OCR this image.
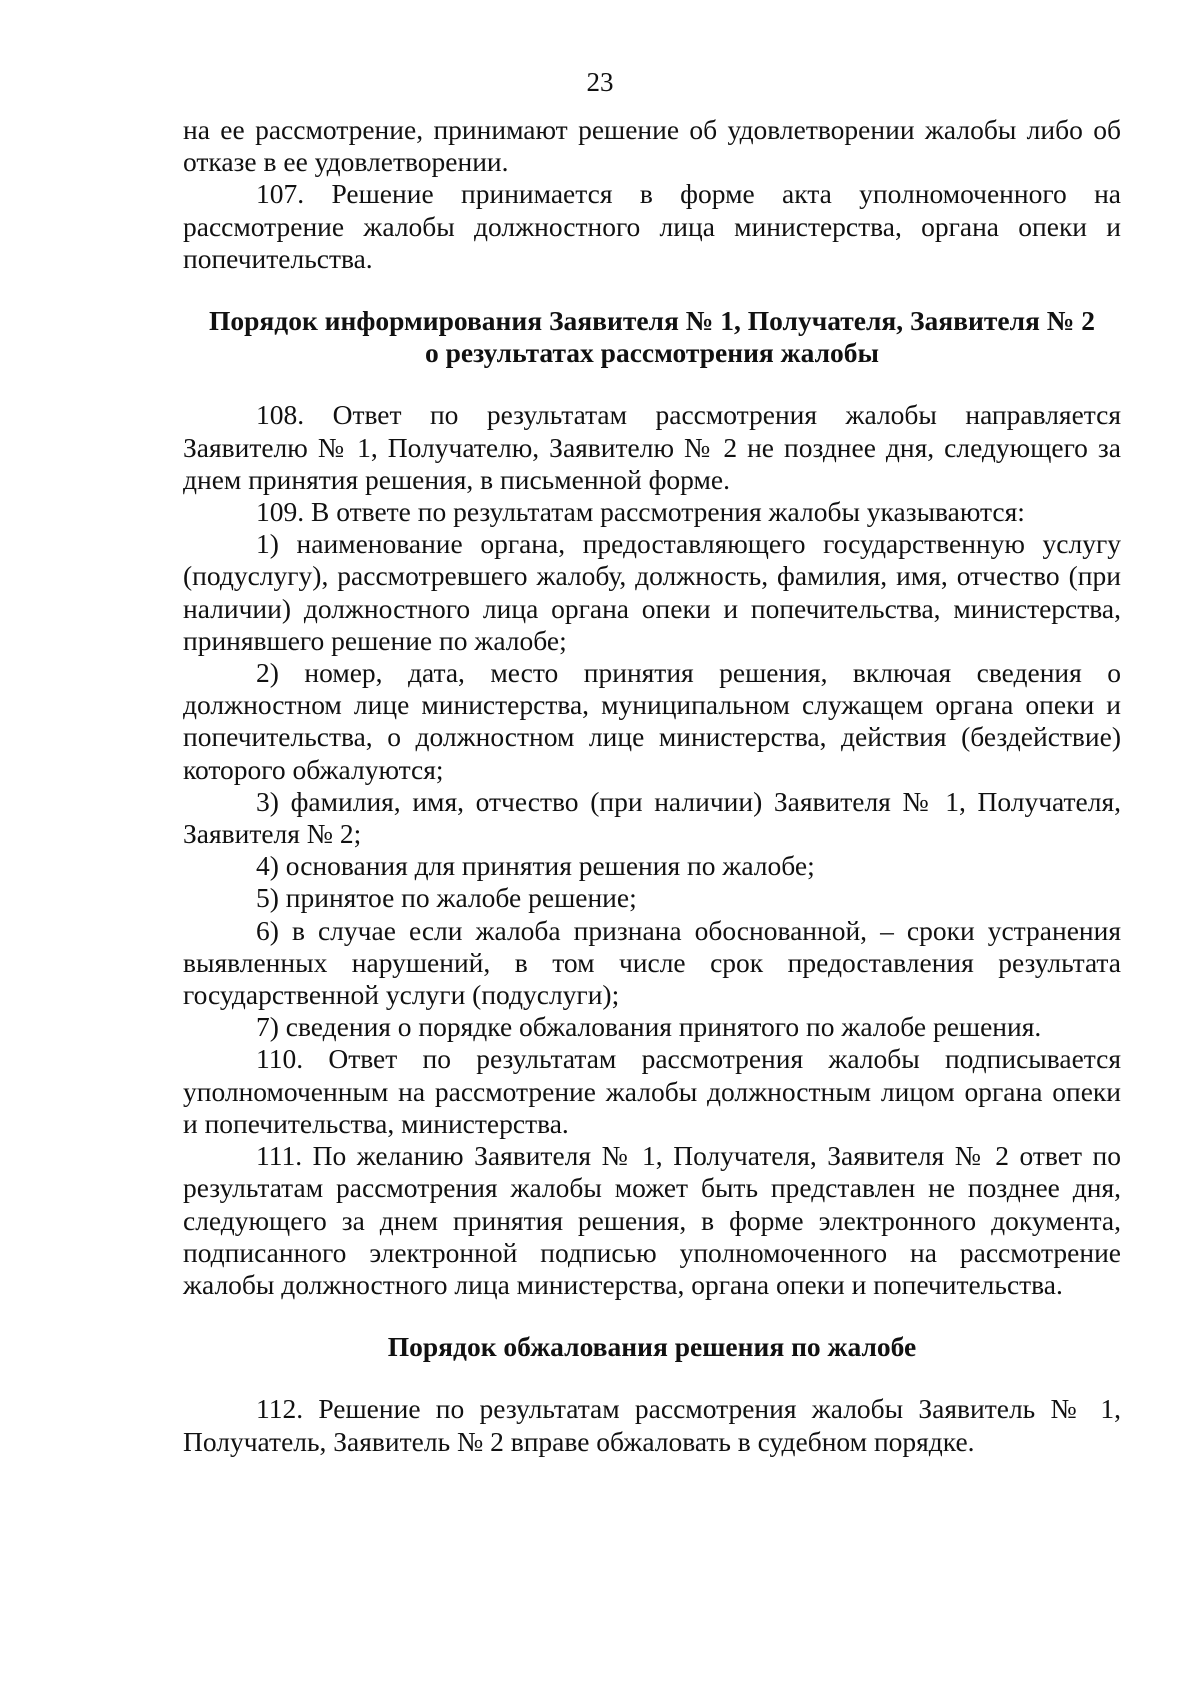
23

на ее рассмотрение, принимают решение об удовлетворении жалобы либо об отказе в ее удовлетворении.

107. Решение принимается в форме акта уполномоченного на рассмотрение жалобы должностного лица министерства, органа опеки и попечительства.

Порядок информирования Заявителя № 1, Получателя, Заявителя № 2

о результатах рассмотрения жалобы

108. Ответ по результатам рассмотрения жалобы направляется Заявителю № 1, Получателю, Заявителю № 2 не позднее дня, следующего за днем принятия решения, в письменной форме.

109. В ответе по результатам рассмотрения жалобы указываются:

1) наименование органа, предоставляющего государственную услугу (подуслугу), рассмотревшего жалобу, должность, фамилия, имя, отчество (при наличии) должностного лица органа опеки и попечительства, министерства, принявшего решение по жалобе;

2) номер, дата, место принятия решения, включая сведения о должностном лице министерства, муниципальном служащем органа опеки и попечительства, о должностном лице министерства, действия (бездействие) которого обжалуются;

3) фамилия, имя, отчество (при наличии) Заявителя № 1, Получателя, Заявителя № 2;

4) основания для принятия решения по жалобе;

5) принятое по жалобе решение;

6) в случае если жалоба признана обоснованной, – сроки устранения выявленных нарушений, в том числе срок предоставления результата государственной услуги (подуслуги);

7) сведения о порядке обжалования принятого по жалобе решения.

110. Ответ по результатам рассмотрения жалобы подписывается уполномоченным на рассмотрение жалобы должностным лицом органа опеки и попечительства, министерства.

111. По желанию Заявителя № 1, Получателя, Заявителя № 2 ответ по результатам рассмотрения жалобы может быть представлен не позднее дня, следующего за днем принятия решения, в форме электронного документа, подписанного электронной подписью уполномоченного на рассмотрение жалобы должностного лица министерства, органа опеки и попечительства.

Порядок обжалования решения по жалобе

112. Решение по результатам рассмотрения жалобы Заявитель № 1, Получатель, Заявитель № 2 вправе обжаловать в судебном порядке.
